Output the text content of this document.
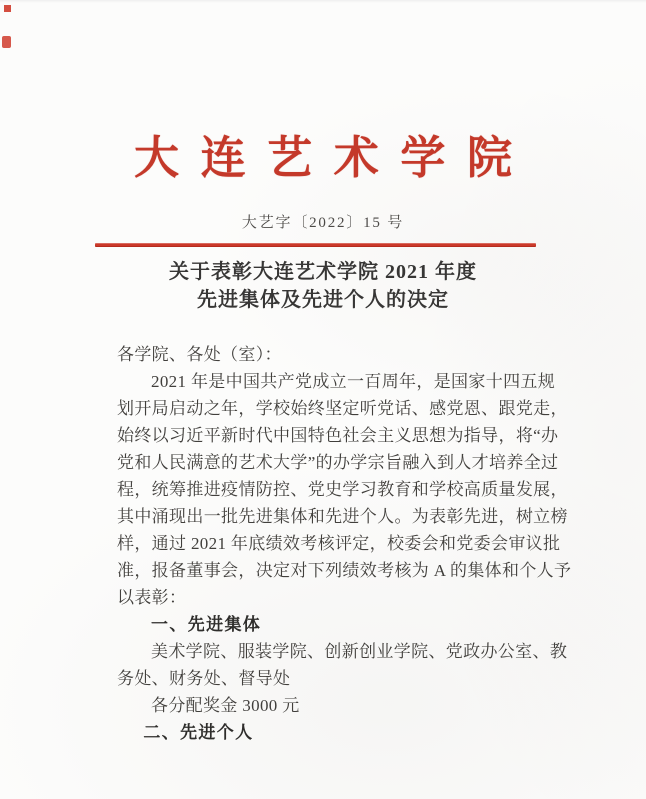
大连艺术学院
大艺字〔2022〕15 号
关于表彰大连艺术学院 2021 年度
先进集体及先进个人的决定
各学院、各处（室）：
2021 年是中国共产党成立一百周年，是国家十四五规
划开局启动之年，学校始终坚定听党话、感党恩、跟党走，
始终以习近平新时代中国特色社会主义思想为指导，将“办
党和人民满意的艺术大学”的办学宗旨融入到人才培养全过
程，统筹推进疫情防控、党史学习教育和学校高质量发展，
其中涌现出一批先进集体和先进个人。为表彰先进，树立榜
样，通过 2021 年底绩效考核评定，校委会和党委会审议批
准，报备董事会，决定对下列绩效考核为 A 的集体和个人予
以表彰：
一、先进集体
美术学院、服装学院、创新创业学院、党政办公室、教
务处、财务处、督导处
各分配奖金 3000 元
二、先进个人
